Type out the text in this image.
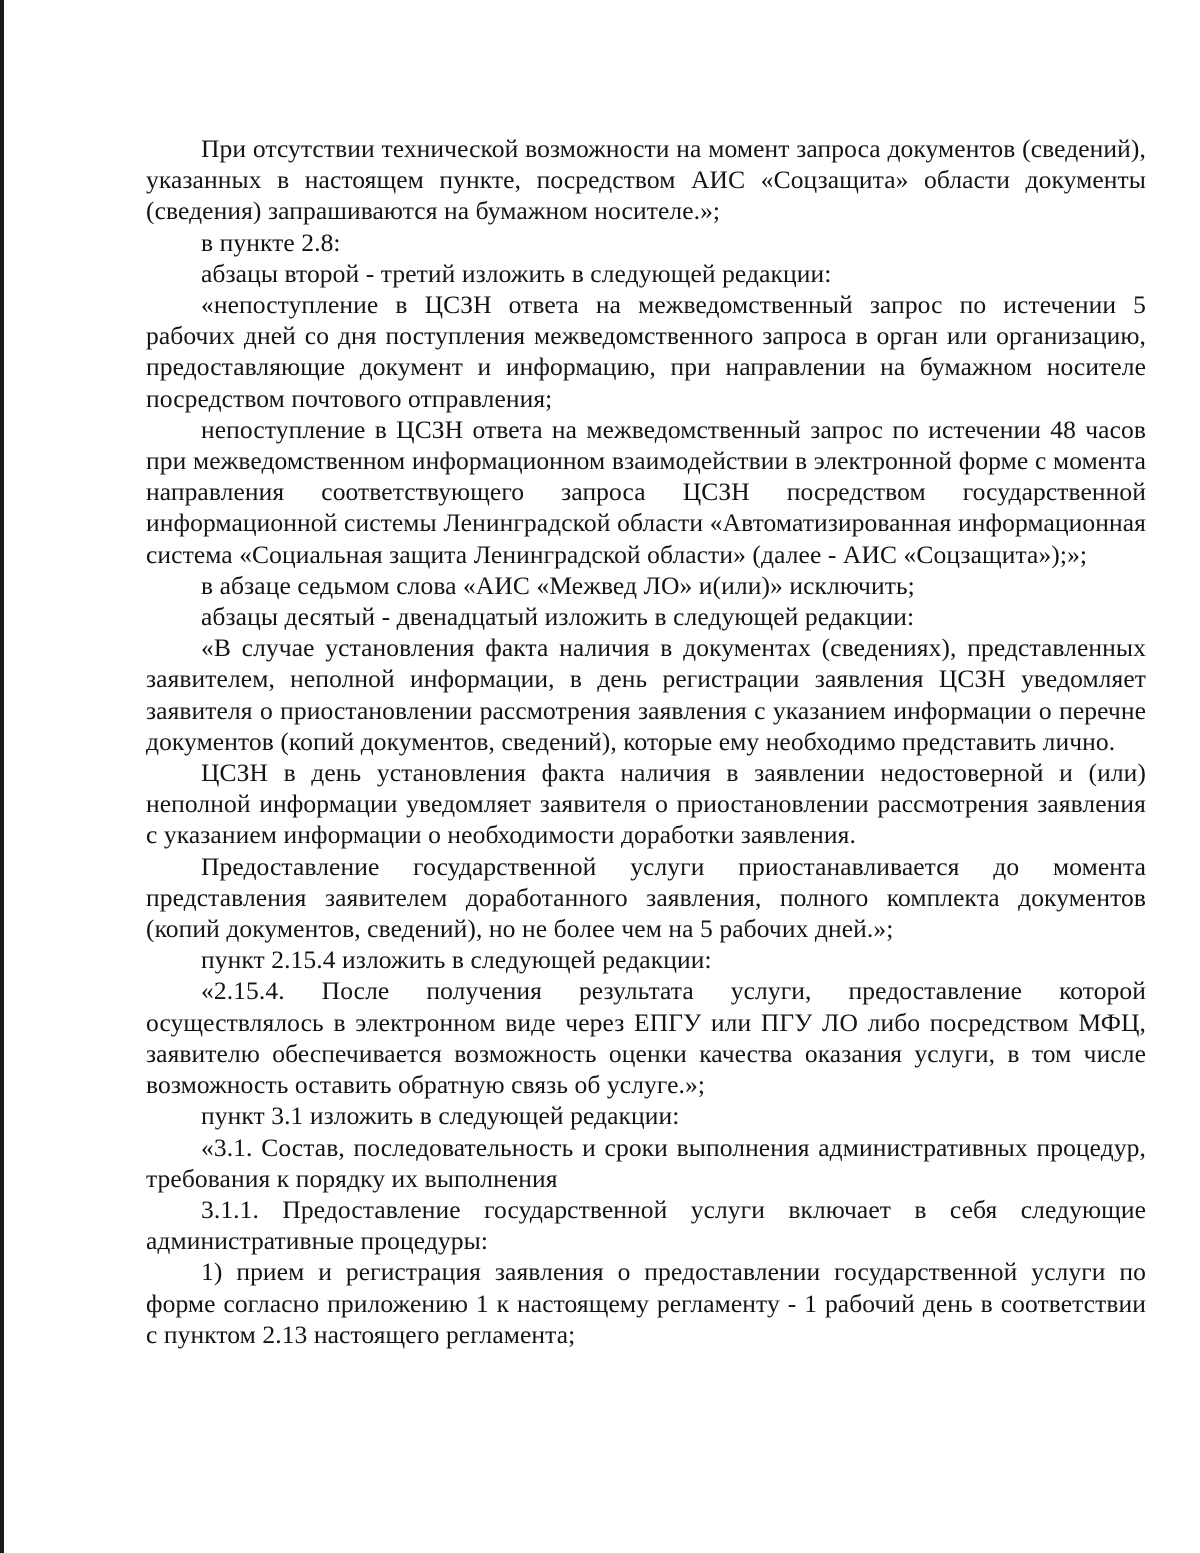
При отсутствии технической возможности на момент запроса документов (сведений), указанных в настоящем пункте, посредством АИС «Соцзащита» области документы (сведения) запрашиваются на бумажном носителе.»;

в пункте 2.8:

абзацы второй - третий изложить в следующей редакции:

«непоступление в ЦСЗН ответа на межведомственный запрос по истечении 5 рабочих дней со дня поступления межведомственного запроса в орган или организацию, предоставляющие документ и информацию, при направлении на бумажном носителе посредством почтового отправления;

непоступление в ЦСЗН ответа на межведомственный запрос по истечении 48 часов при межведомственном информационном взаимодействии в электронной форме с момента направления соответствующего запроса ЦСЗН посредством государственной информационной системы Ленинградской области «Автоматизированная информационная система «Социальная защита Ленинградской области» (далее - АИС «Соцзащита»);»;

в абзаце седьмом слова «АИС «Межвед ЛО» и(или)» исключить;

абзацы десятый - двенадцатый изложить в следующей редакции:

«В случае установления факта наличия в документах (сведениях), представленных заявителем, неполной информации, в день регистрации заявления ЦСЗН уведомляет заявителя о приостановлении рассмотрения заявления с указанием информации о перечне документов (копий документов, сведений), которые ему необходимо представить лично.

ЦСЗН в день установления факта наличия в заявлении недостоверной и (или) неполной информации уведомляет заявителя о приостановлении рассмотрения заявления с указанием информации о необходимости доработки заявления.

Предоставление государственной услуги приостанавливается до момента представления заявителем доработанного заявления, полного комплекта документов (копий документов, сведений), но не более чем на 5 рабочих дней.»;

пункт 2.15.4 изложить в следующей редакции:

«2.15.4. После получения результата услуги, предоставление которой осуществлялось в электронном виде через ЕПГУ или ПГУ ЛО либо посредством МФЦ, заявителю обеспечивается возможность оценки качества оказания услуги, в том числе возможность оставить обратную связь об услуге.»;

пункт 3.1 изложить в следующей редакции:

«3.1. Состав, последовательность и сроки выполнения административных процедур, требования к порядку их выполнения

3.1.1. Предоставление государственной услуги включает в себя следующие административные процедуры:

1) прием и регистрация заявления о предоставлении государственной услуги по форме согласно приложению 1 к настоящему регламенту - 1 рабочий день в соответствии с пунктом 2.13 настоящего регламента;
